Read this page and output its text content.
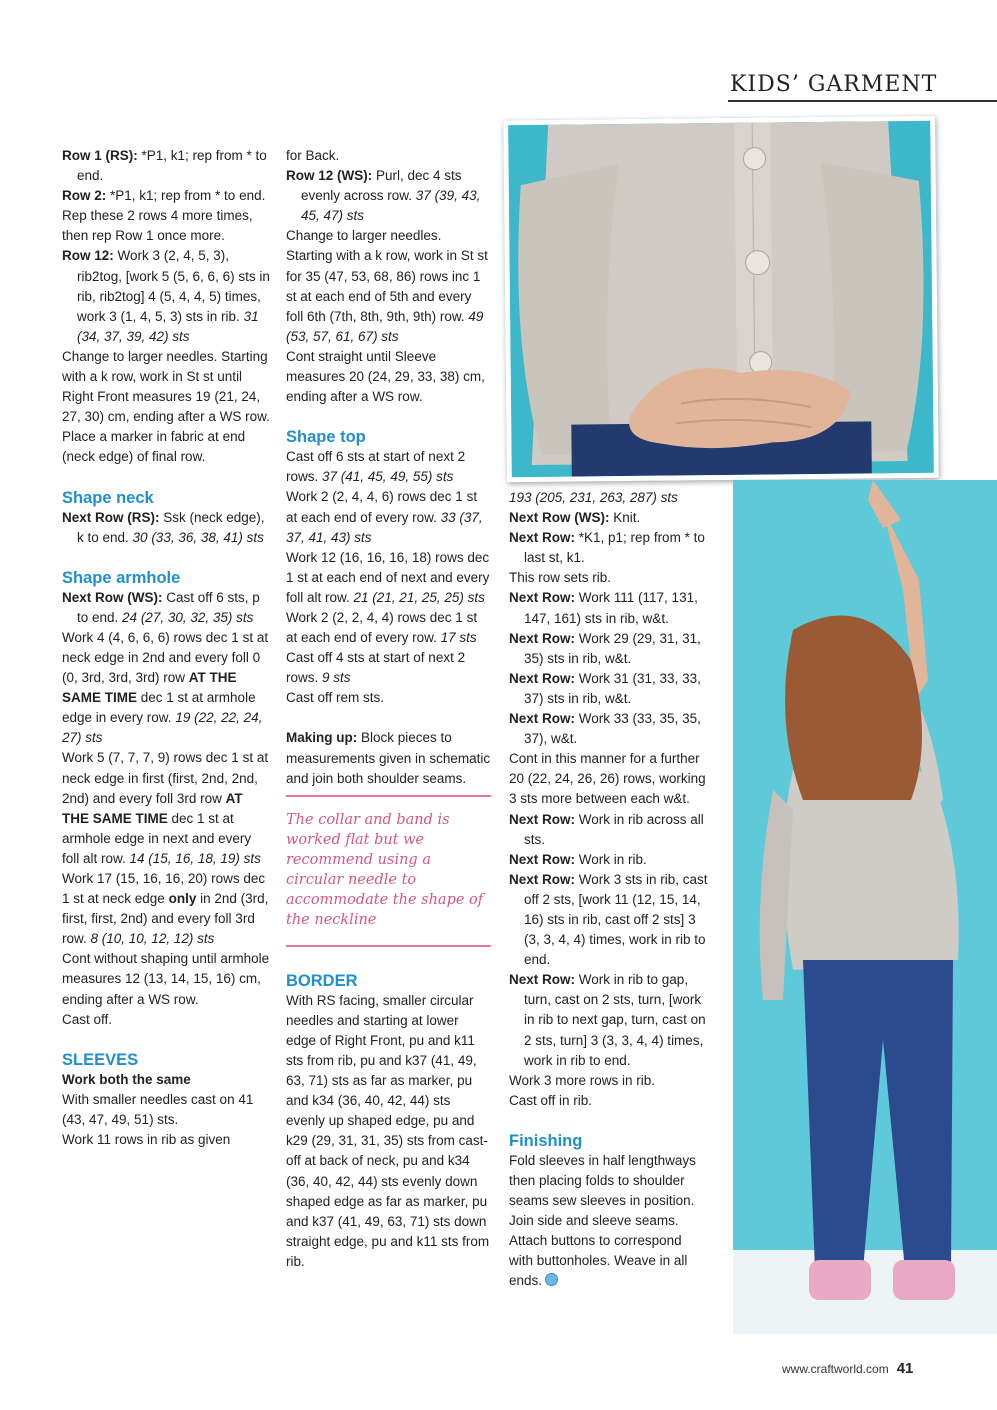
KIDS’ GARMENT

Row 1 (RS): *P1, k1; rep from * to end.

Row 2: *P1, k1; rep from * to end.

Rep these 2 rows 4 more times, then rep Row 1 once more.

Row 12: Work 3 (2, 4, 5, 3), rib2tog, [work 5 (5, 6, 6, 6) sts in rib, rib2tog] 4 (5, 4, 4, 5) times, work 3 (1, 4, 5, 3) sts in rib. 31 (34, 37, 39, 42) sts

Change to larger needles. Starting with a k row, work in St st until Right Front measures 19 (21, 24, 27, 30) cm, ending after a WS row. Place a marker in fabric at end (neck edge) of final row.

Shape neck

Next Row (RS): Ssk (neck edge), k to end. 30 (33, 36, 38, 41) sts

Shape armhole

Next Row (WS): Cast off 6 sts, p to end. 24 (27, 30, 32, 35) sts

Work 4 (4, 6, 6, 6) rows dec 1 st at neck edge in 2nd and every foll 0 (0, 3rd, 3rd, 3rd) row AT THE SAME TIME dec 1 st at armhole edge in every row. 19 (22, 22, 24, 27) sts

Work 5 (7, 7, 7, 9) rows dec 1 st at neck edge in first (first, 2nd, 2nd, 2nd) and every foll 3rd row AT THE SAME TIME dec 1 st at armhole edge in next and every foll alt row. 14 (15, 16, 18, 19) sts

Work 17 (15, 16, 16, 20) rows dec 1 st at neck edge only in 2nd (3rd, first, first, 2nd) and every foll 3rd row. 8 (10, 10, 12, 12) sts

Cont without shaping until armhole measures 12 (13, 14, 15, 16) cm, ending after a WS row.

Cast off.

SLEEVES

Work both the same

With smaller needles cast on 41 (43, 47, 49, 51) sts.

Work 11 rows in rib as given

for Back.

Row 12 (WS): Purl, dec 4 sts evenly across row. 37 (39, 43, 45, 47) sts

Change to larger needles. Starting with a k row, work in St st for 35 (47, 53, 68, 86) rows inc 1 st at each end of 5th and every foll 6th (7th, 8th, 9th, 9th) row. 49 (53, 57, 61, 67) sts

Cont straight until Sleeve measures 20 (24, 29, 33, 38) cm, ending after a WS row.

Shape top

Cast off 6 sts at start of next 2 rows. 37 (41, 45, 49, 55) sts

Work 2 (2, 4, 4, 6) rows dec 1 st at each end of every row. 33 (37, 37, 41, 43) sts

Work 12 (16, 16, 16, 18) rows dec 1 st at each end of next and every foll alt row. 21 (21, 21, 25, 25) sts

Work 2 (2, 2, 4, 4) rows dec 1 st at each end of every row. 17 sts

Cast off 4 sts at start of next 2 rows. 9 sts

Cast off rem sts.

Making up: Block pieces to measurements given in schematic and join both shoulder seams.

The collar and band is worked flat but we recommend using a circular needle to accommodate the shape of the neckline

BORDER

With RS facing, smaller circular needles and starting at lower edge of Right Front, pu and k11 sts from rib, pu and k37 (41, 49, 63, 71) sts as far as marker, pu and k34 (36, 40, 42, 44) sts evenly up shaped edge, pu and k29 (29, 31, 31, 35) sts from cast-off at back of neck, pu and k34 (36, 40, 42, 44) sts evenly down shaped edge as far as marker, pu and k37 (41, 49, 63, 71) sts down straight edge, pu and k11 sts from rib.

193 (205, 231, 263, 287) sts

Next Row (WS): Knit.

Next Row: *K1, p1; rep from * to last st, k1.

This row sets rib.

Next Row: Work 111 (117, 131, 147, 161) sts in rib, w&t.

Next Row: Work 29 (29, 31, 31, 35) sts in rib, w&t.

Next Row: Work 31 (31, 33, 33, 37) sts in rib, w&t.

Next Row: Work 33 (33, 35, 35, 37), w&t.

Cont in this manner for a further 20 (22, 24, 26, 26) rows, working 3 sts more between each w&t.

Next Row: Work in rib across all sts.

Next Row: Work in rib.

Next Row: Work 3 sts in rib, cast off 2 sts, [work 11 (12, 15, 14, 16) sts in rib, cast off 2 sts] 3 (3, 3, 4, 4) times, work in rib to end.

Next Row: Work in rib to gap, turn, cast on 2 sts, turn, [work in rib to next gap, turn, cast on 2 sts, turn] 3 (3, 3, 4, 4) times, work in rib to end.

Work 3 more rows in rib.

Cast off in rib.

Finishing

Fold sleeves in half lengthways then placing folds to shoulder seams sew sleeves in position. Join side and sleeve seams. Attach buttons to correspond with buttonholes. Weave in all ends.

www.craftworld.com 41
